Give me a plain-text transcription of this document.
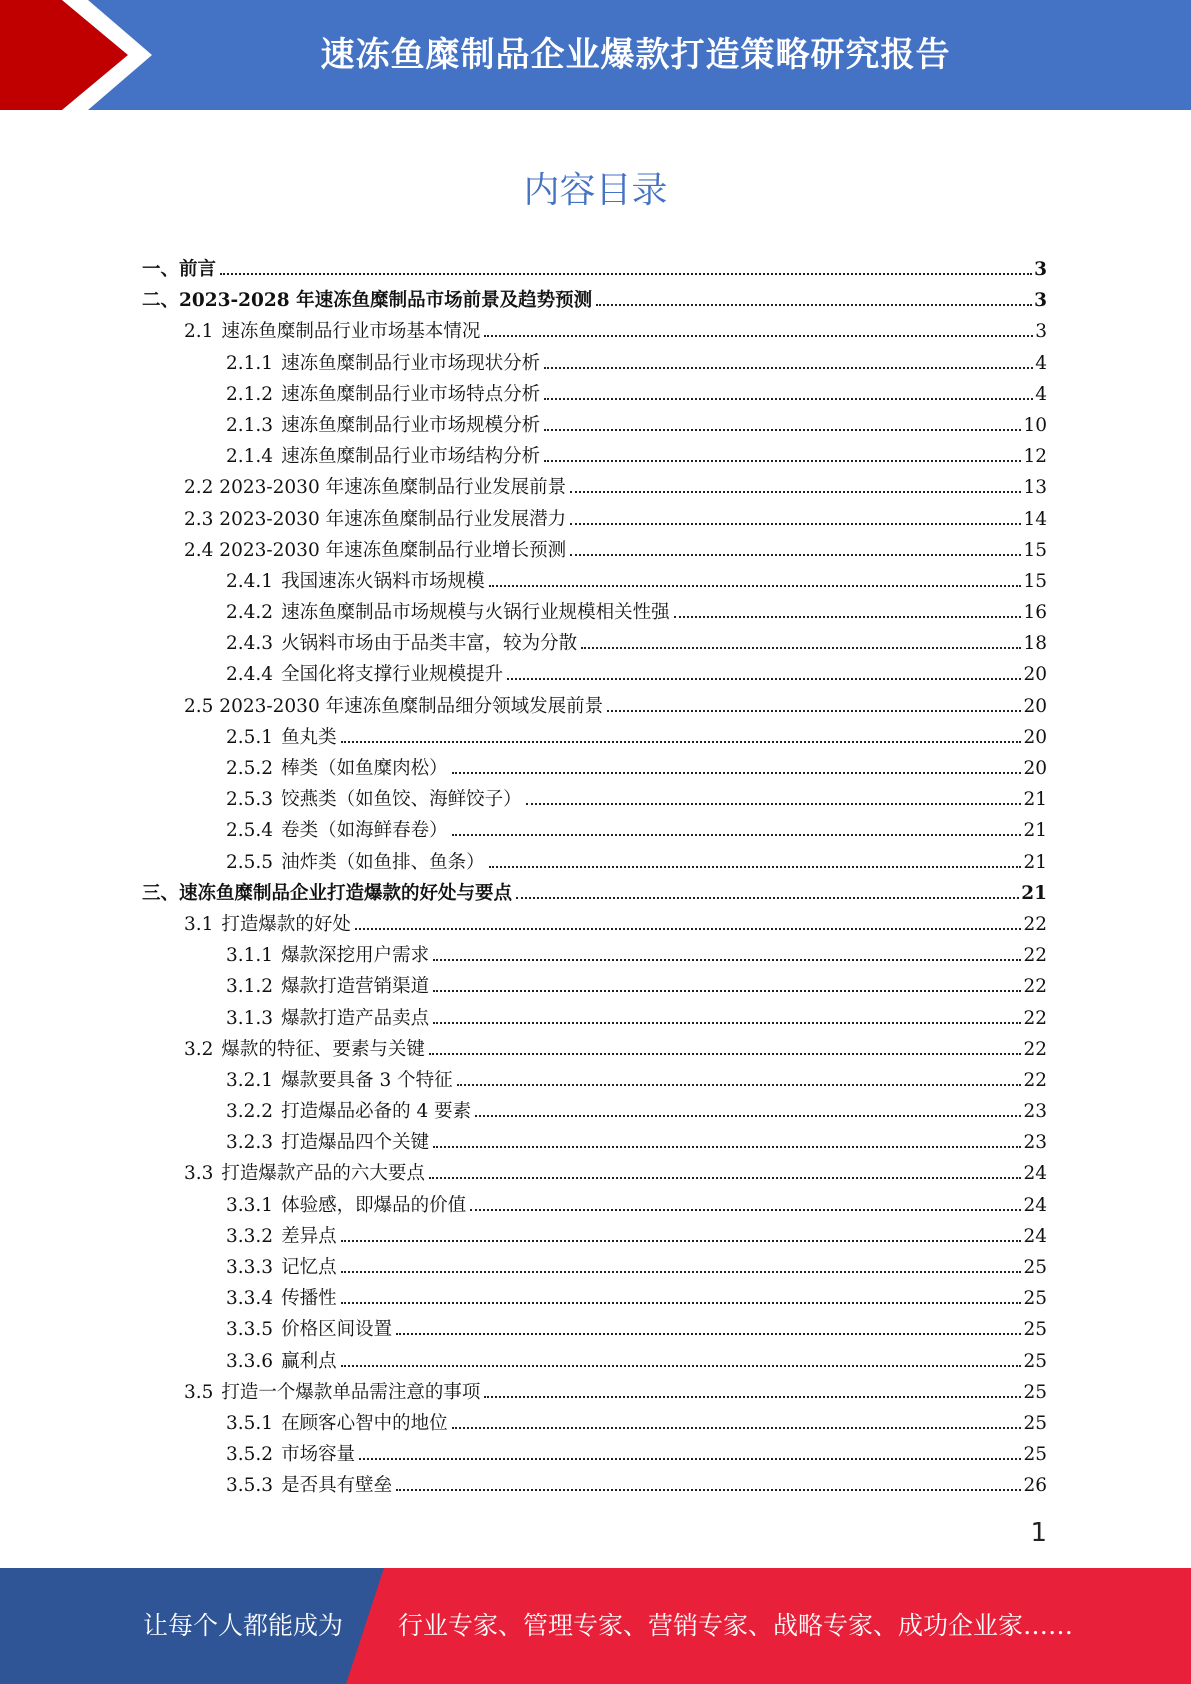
速冻鱼糜制品企业爆款打造策略研究报告
内容目录
一、前言	3
二、2023-2028 年速冻鱼糜制品市场前景及趋势预测	3
2.1 速冻鱼糜制品行业市场基本情况	3
2.1.1 速冻鱼糜制品行业市场现状分析	4
2.1.2 速冻鱼糜制品行业市场特点分析	4
2.1.3 速冻鱼糜制品行业市场规模分析	10
2.1.4 速冻鱼糜制品行业市场结构分析	12
2.2 2023-2030 年速冻鱼糜制品行业发展前景	13
2.3 2023-2030 年速冻鱼糜制品行业发展潜力	14
2.4 2023-2030 年速冻鱼糜制品行业增长预测	15
2.4.1 我国速冻火锅料市场规模	15
2.4.2 速冻鱼糜制品市场规模与火锅行业规模相关性强	16
2.4.3 火锅料市场由于品类丰富，较为分散	18
2.4.4 全国化将支撑行业规模提升	20
2.5 2023-2030 年速冻鱼糜制品细分领域发展前景	20
2.5.1 鱼丸类	20
2.5.2 棒类（如鱼糜肉松）	20
2.5.3 饺燕类（如鱼饺、海鲜饺子）	21
2.5.4 卷类（如海鲜春卷）	21
2.5.5 油炸类（如鱼排、鱼条）	21
三、速冻鱼糜制品企业打造爆款的好处与要点	21
3.1 打造爆款的好处	22
3.1.1 爆款深挖用户需求	22
3.1.2 爆款打造营销渠道	22
3.1.3 爆款打造产品卖点	22
3.2 爆款的特征、要素与关键	22
3.2.1 爆款要具备 3 个特征	22
3.2.2 打造爆品必备的 4 要素	23
3.2.3 打造爆品四个关键	23
3.3 打造爆款产品的六大要点	24
3.3.1 体验感，即爆品的价值	24
3.3.2 差异点	24
3.3.3 记忆点	25
3.3.4 传播性	25
3.3.5 价格区间设置	25
3.3.6 赢利点	25
3.5 打造一个爆款单品需注意的事项	25
3.5.1 在顾客心智中的地位	25
3.5.2 市场容量	25
3.5.3 是否具有壁垒	26
1
让每个人都能成为 行业专家、管理专家、营销专家、战略专家、成功企业家……
